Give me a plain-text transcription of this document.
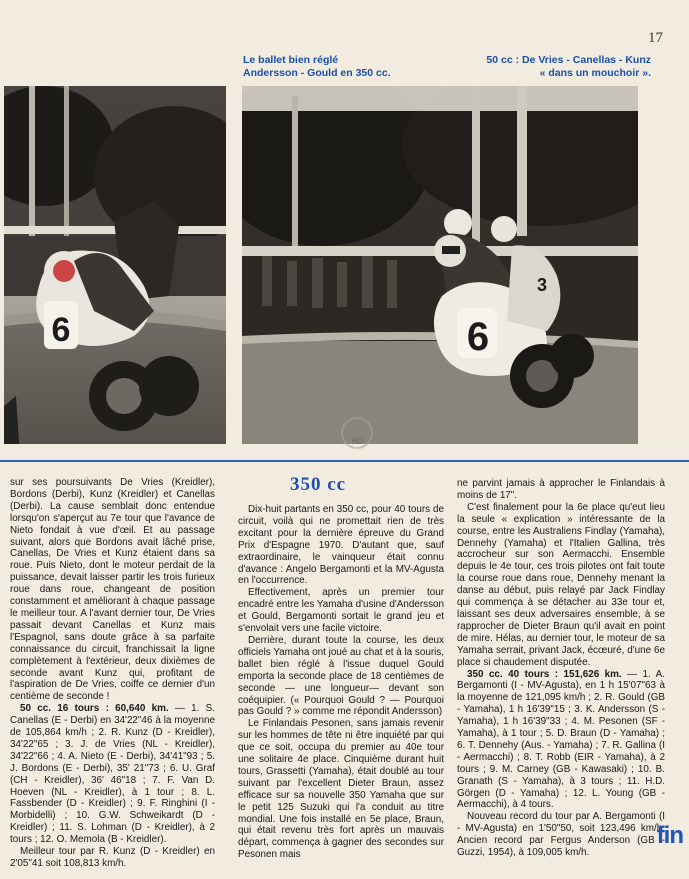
17
Le ballet bien réglé
Andersson - Gould en 350 cc.
50 cc : De Vries - Canellas - Kunz
« dans un mouchoir ».
6	6
3
LG
JP
HD
350 cc

sur ses poursuivants De Vries (Kreidler), Bordons (Derbi), Kunz (Kreidler) et Canellas (Derbi). La cause semblait donc entendue lorsqu'on s'aperçut au 7e tour que l'avance de Nieto fondait à vue d'œil. Et au passage suivant, alors que Bordons avait lâché prise, Canellas, De Vries et Kunz étaient dans sa roue. Puis Nieto, dont le moteur perdait de la puissance, devait laisser partir les trois furieux roue dans roue, changeant de position constamment et améliorant à chaque passage le meilleur tour. A l'avant dernier tour, De Vries passait devant Canellas et Kunz mais l'Espagnol, sans doute grâce à sa parfaite connaissance du circuit, franchissait la ligne complètement à l'extérieur, deux dixièmes de seconde avant Kunz qui, profitant de l'aspiration de De Vries, coiffe ce dernier d'un centième de seconde !

50 cc. 16 tours : 60,640 km. — 1. S. Canellas (E - Derbi) en 34'22"46 à la moyenne de 105,864 km/h ; 2. R. Kunz (D - Kreidler), 34'22"65 ; 3. J. de Vries (NL - Kreidler), 34'22"66 ; 4. A. Nieto (E - Derbi), 34'41"93 ; 5. J. Bordons (E - Derbi), 35' 21"73 ; 6. U. Graf (CH - Kreidler), 36' 46"18 ; 7. F. Van D. Hoeven (NL - Kreidler), à 1 tour ; 8. L. Fassbender (D - Kreidler) ; 9. F. Ringhini (I - Morbidelli) ; 10. G.W. Schweikardt (D - Kreidler) ; 11. S. Lohman (D - Kreidler), à 2 tours ; 12. O. Memola (B - Kreidler).

Meilleur tour par R. Kunz (D - Kreidler) en 2'05"41 soit 108,813 km/h.

Dix-huit partants en 350 cc, pour 40 tours de circuit, voilà qui ne promettait rien de très excitant pour la dernière épreuve du Grand Prix d'Espagne 1970. D'autant que, sauf extraordinaire, le vainqueur était connu d'avance : Angelo Bergamonti et la MV-Agusta en l'occurrence.

Effectivement, après un premier tour encadré entre les Yamaha d'usine d'Andersson et Gould, Bergamonti sortait le grand jeu et s'envolait vers une facile victoire.

Derrière, durant toute la course, les deux officiels Yamaha ont joué au chat et à la souris, ballet bien réglé à l'issue duquel Gould emporta la seconde place de 18 centièmes de seconde — une longueur— devant son coéquipier. (« Pourquoi Gould ? — Pourquoi pas Gould ? » comme me répondit Andersson)

Le Finlandais Pesonen, sans jamais revenir sur les hommes de tête ni être inquiété par qui que ce soit, occupa du premier au 40e tour une solitaire 4e place. Cinquième durant huit tours, Grassetti (Yamaha), était doublé au tour suivant par l'excellent Dieter Braun, assez efficace sur sa nouvelle 350 Yamaha que sur le petit 125 Suzuki qui l'a conduit au titre mondial. Une fois installé en 5e place, Braun, qui était revenu très fort après un mauvais départ, commença à gagner des secondes sur Pesonen mais

ne parvint jamais à approcher le Finlandais à moins de 17".

C'est finalement pour la 6e place qu'eut lieu la seule « explication » intéressante de la course, entre les Australiens Findlay (Yamaha), Dennehy (Yamaha) et l'Italien Gallina, très accrocheur sur son Aermacchi. Ensemble depuis le 4e tour, ces trois pilotes ont fait toute la course roue dans roue, Dennehy menant la danse au début, puis relayé par Jack Findlay qui commença à se détacher au 33e tour et, laissant ses deux adversaires ensemble, à se rapprocher de Dieter Braun qu'il avait en point de mire. Hélas, au dernier tour, le moteur de sa Yamaha serrait, privant Jack, écœuré, d'une 6e place si chaudement disputée.

350 cc. 40 tours : 151,626 km. — 1. A. Bergamonti (I - MV-Agusta), en 1 h 15'07"63 à la moyenne de 121,095 km/h ; 2. R. Gould (GB - Yamaha), 1 h 16'39"15 ; 3. K. Andersson (S - Yamaha), 1 h 16'39"33 ; 4. M. Pesonen (SF - Yamaha), à 1 tour ; 5. D. Braun (D - Yamaha) ; 6. T. Dennehy (Aus. - Yamaha) ; 7. R. Gallina (I - Aermacchi) ; 8. T. Robb (EIR - Yamaha), à 2 tours ; 9. M. Carney (GB - Kawasaki) ; 10. B. Granath (S - Yamaha), à 3 tours ; 11. H.D. Görgen (D - Yamaha) ; 12. L. Young (GB - Aermacchi), à 4 tours.

Nouveau record du tour par A. Bergamonti (I - MV-Agusta) en 1'50"50, soit 123,496 km/h. Ancien record par Fergus Anderson (GB - Guzzi, 1954), à 109,005 km/h.

fin
